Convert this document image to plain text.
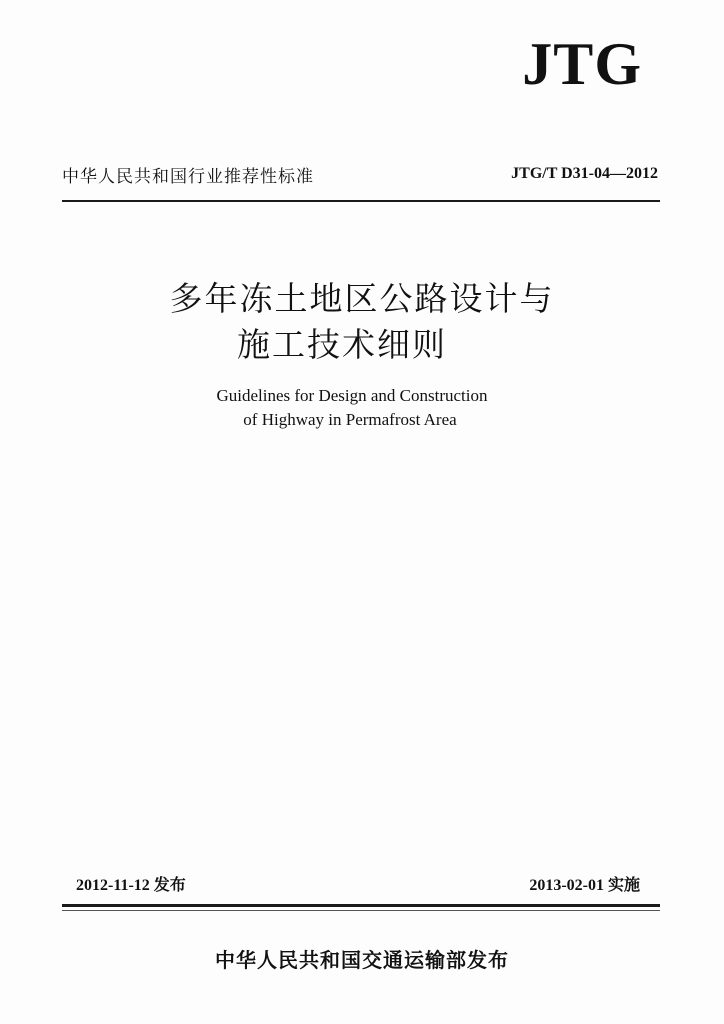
JTG
中华人民共和国行业推荐性标准	JTG/T D31-04—2012
多年冻土地区公路设计与
施工技术细则
Guidelines for Design and Construction
of Highway in Permafrost Area
2012-11-12 发布	2013-02-01 实施
中华人民共和国交通运输部发布
